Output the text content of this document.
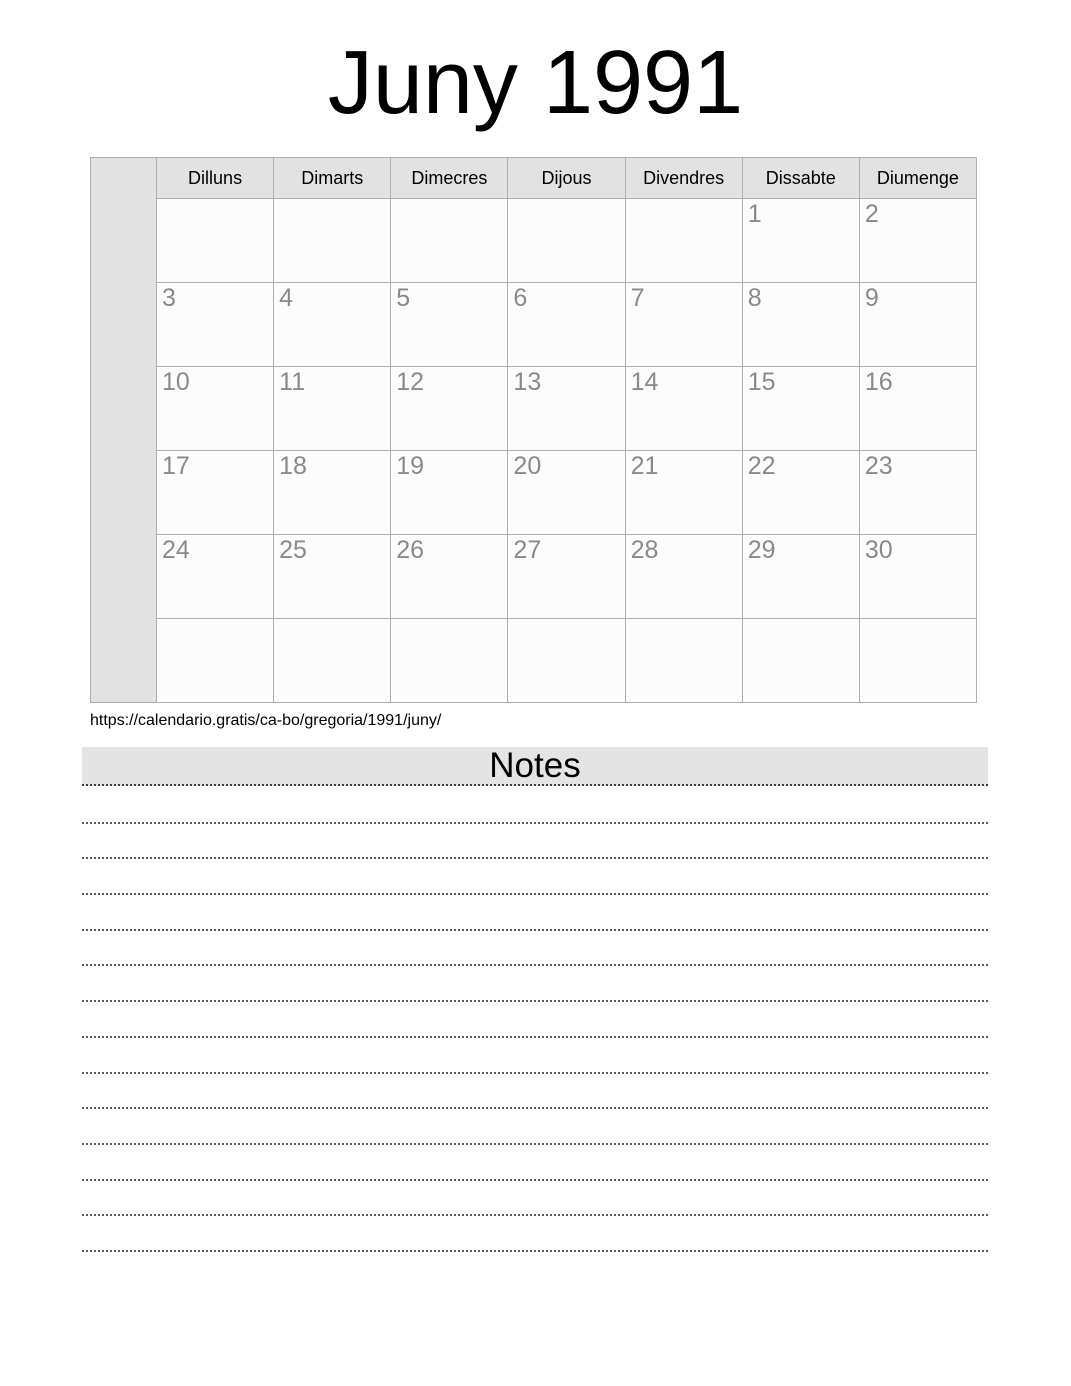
Juny 1991
	Dilluns	Dimarts	Dimecres	Dijous	Divendres	Dissabte	Diumenge
						1	2
	3	4	5	6	7	8	9
	10	11	12	13	14	15	16
	17	18	19	20	21	22	23
	24	25	26	27	28	29	30

https://calendario.gratis/ca-bo/gregoria/1991/juny/
Notes
